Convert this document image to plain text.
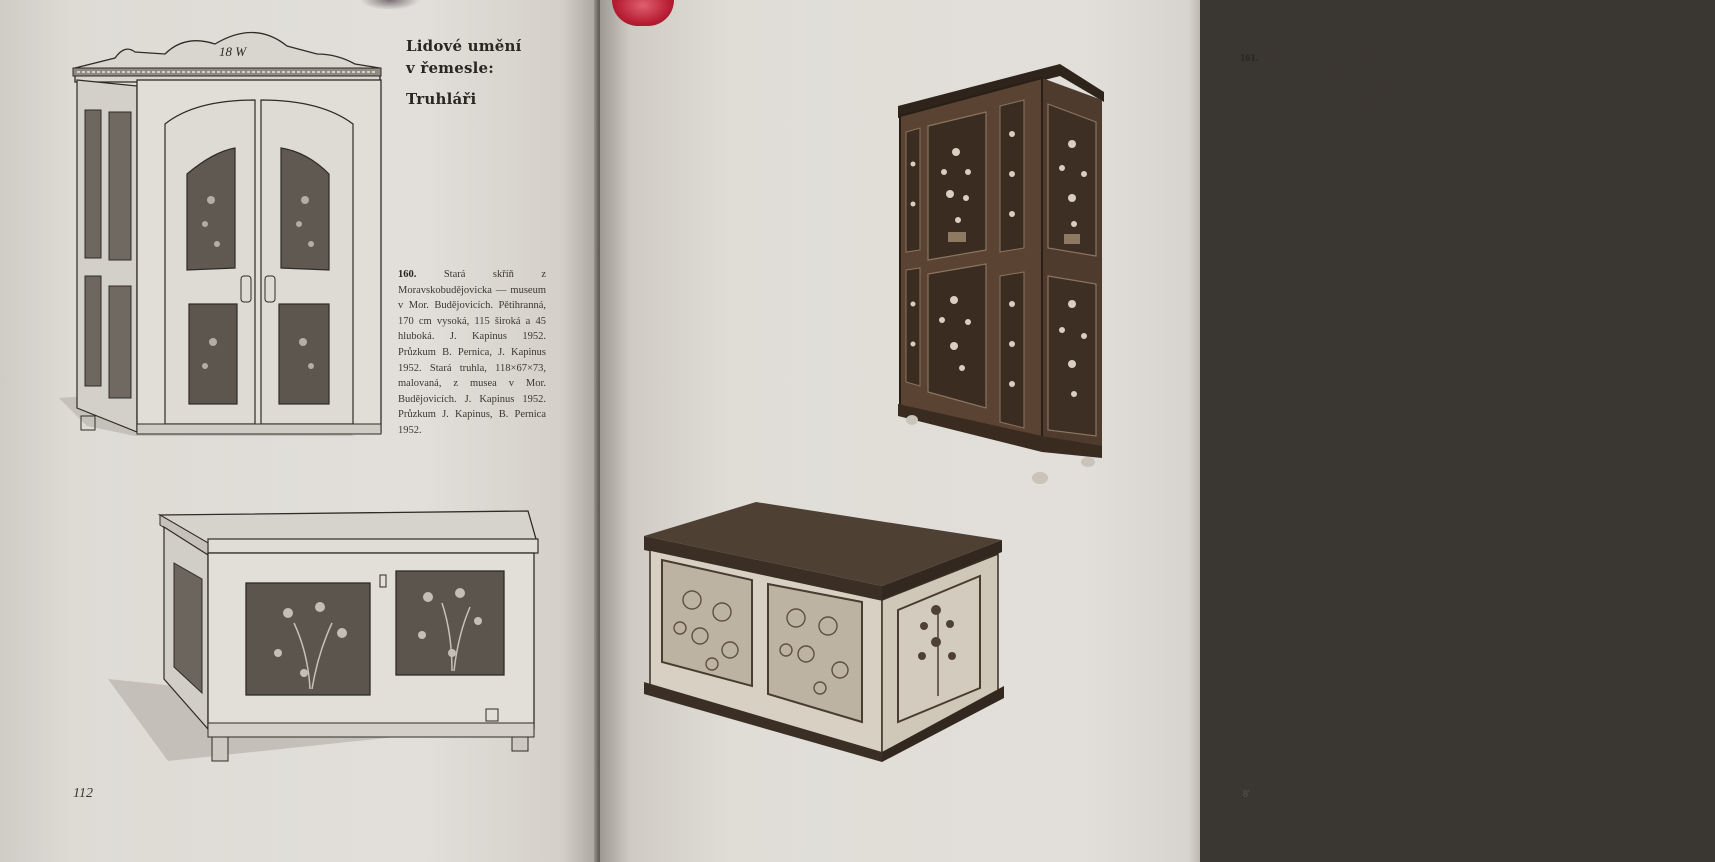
18 W	Lidové umění
v řemesle:
Truhláři
160.	Stará skříň z Moravskobudějovicka — museum v Mor. Budějovicích. Pětihranná, 170 cm vysoká, 115 široká a 45 hluboká. J. Kapinus 1952. Průzkum B. Pernica, J. Kapinus 1952. Stará truhla, 118×67×73, malovaná, z musea v Mor. Budějovicích. J. Kapinus 1952. Průzkum J. Kapinus, B. Pernica 1952.
112
161. Jednokřídlová malovaná skříň z Telečska. Malovaná truhla ze Znojemska. Museum ve Znojmě. J. Fukač 1952. – Průzkum J. Fukač, B. Pernica 1952.
8'	113
